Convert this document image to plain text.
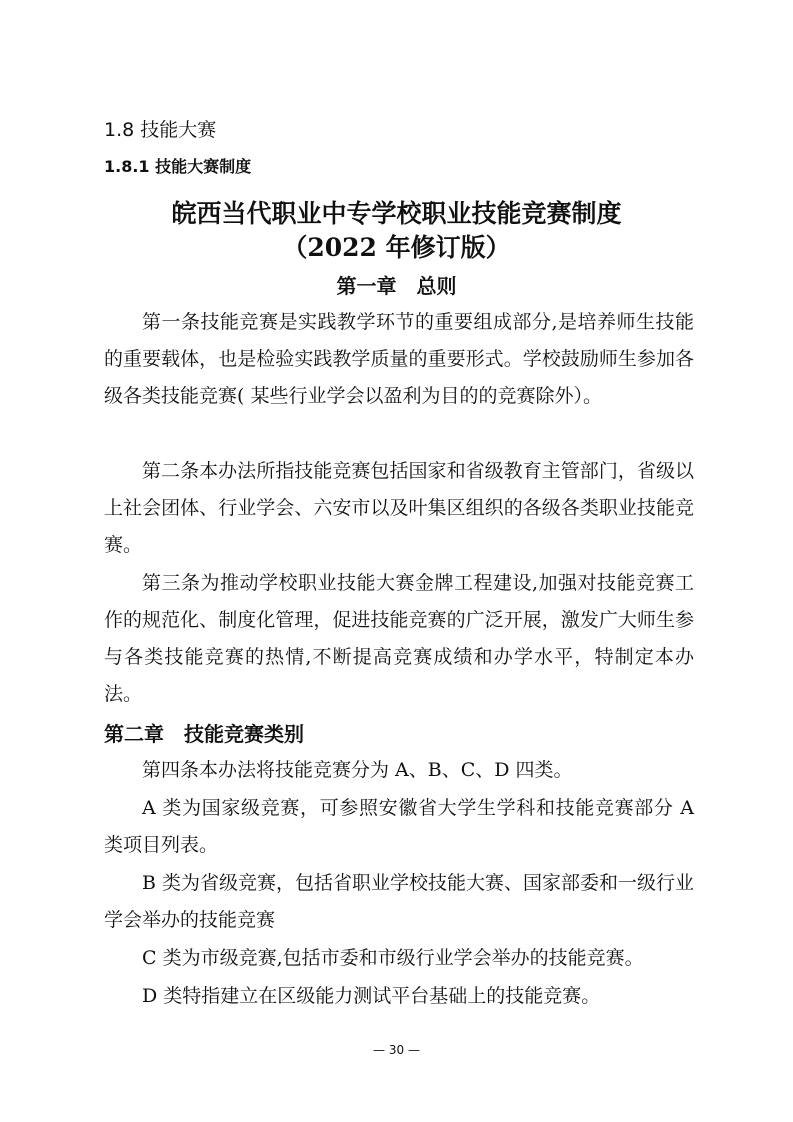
1.8 技能大赛
1.8.1 技能大赛制度
皖西当代职业中专学校职业技能竞赛制度
（2022 年修订版）
第一章　总则

第一条技能竞赛是实践教学环节的重要组成部分,是培养师生技能的重要载体，也是检验实践教学质量的重要形式。学校鼓励师生参加各级各类技能竞赛( 某些行业学会以盈利为目的的竞赛除外）。

第二条本办法所指技能竞赛包括国家和省级教育主管部门，省级以上社会团体、行业学会、六安市以及叶集区组织的各级各类职业技能竞赛。

第三条为推动学校职业技能大赛金牌工程建设,加强对技能竞赛工作的规范化、制度化管理，促进技能竞赛的广泛开展，激发广大师生参与各类技能竞赛的热情,不断提高竞赛成绩和办学水平，特制定本办法。

第二章　技能竞赛类别

第四条本办法将技能竞赛分为 A、B、C、D 四类。

A 类为国家级竞赛，可参照安徽省大学生学科和技能竞赛部分 A 类项目列表。

B 类为省级竞赛，包括省职业学校技能大赛、国家部委和一级行业学会举办的技能竞赛

C 类为市级竞赛,包括市委和市级行业学会举办的技能竞赛。

D 类特指建立在区级能力测试平台基础上的技能竞赛。

— 30 —
